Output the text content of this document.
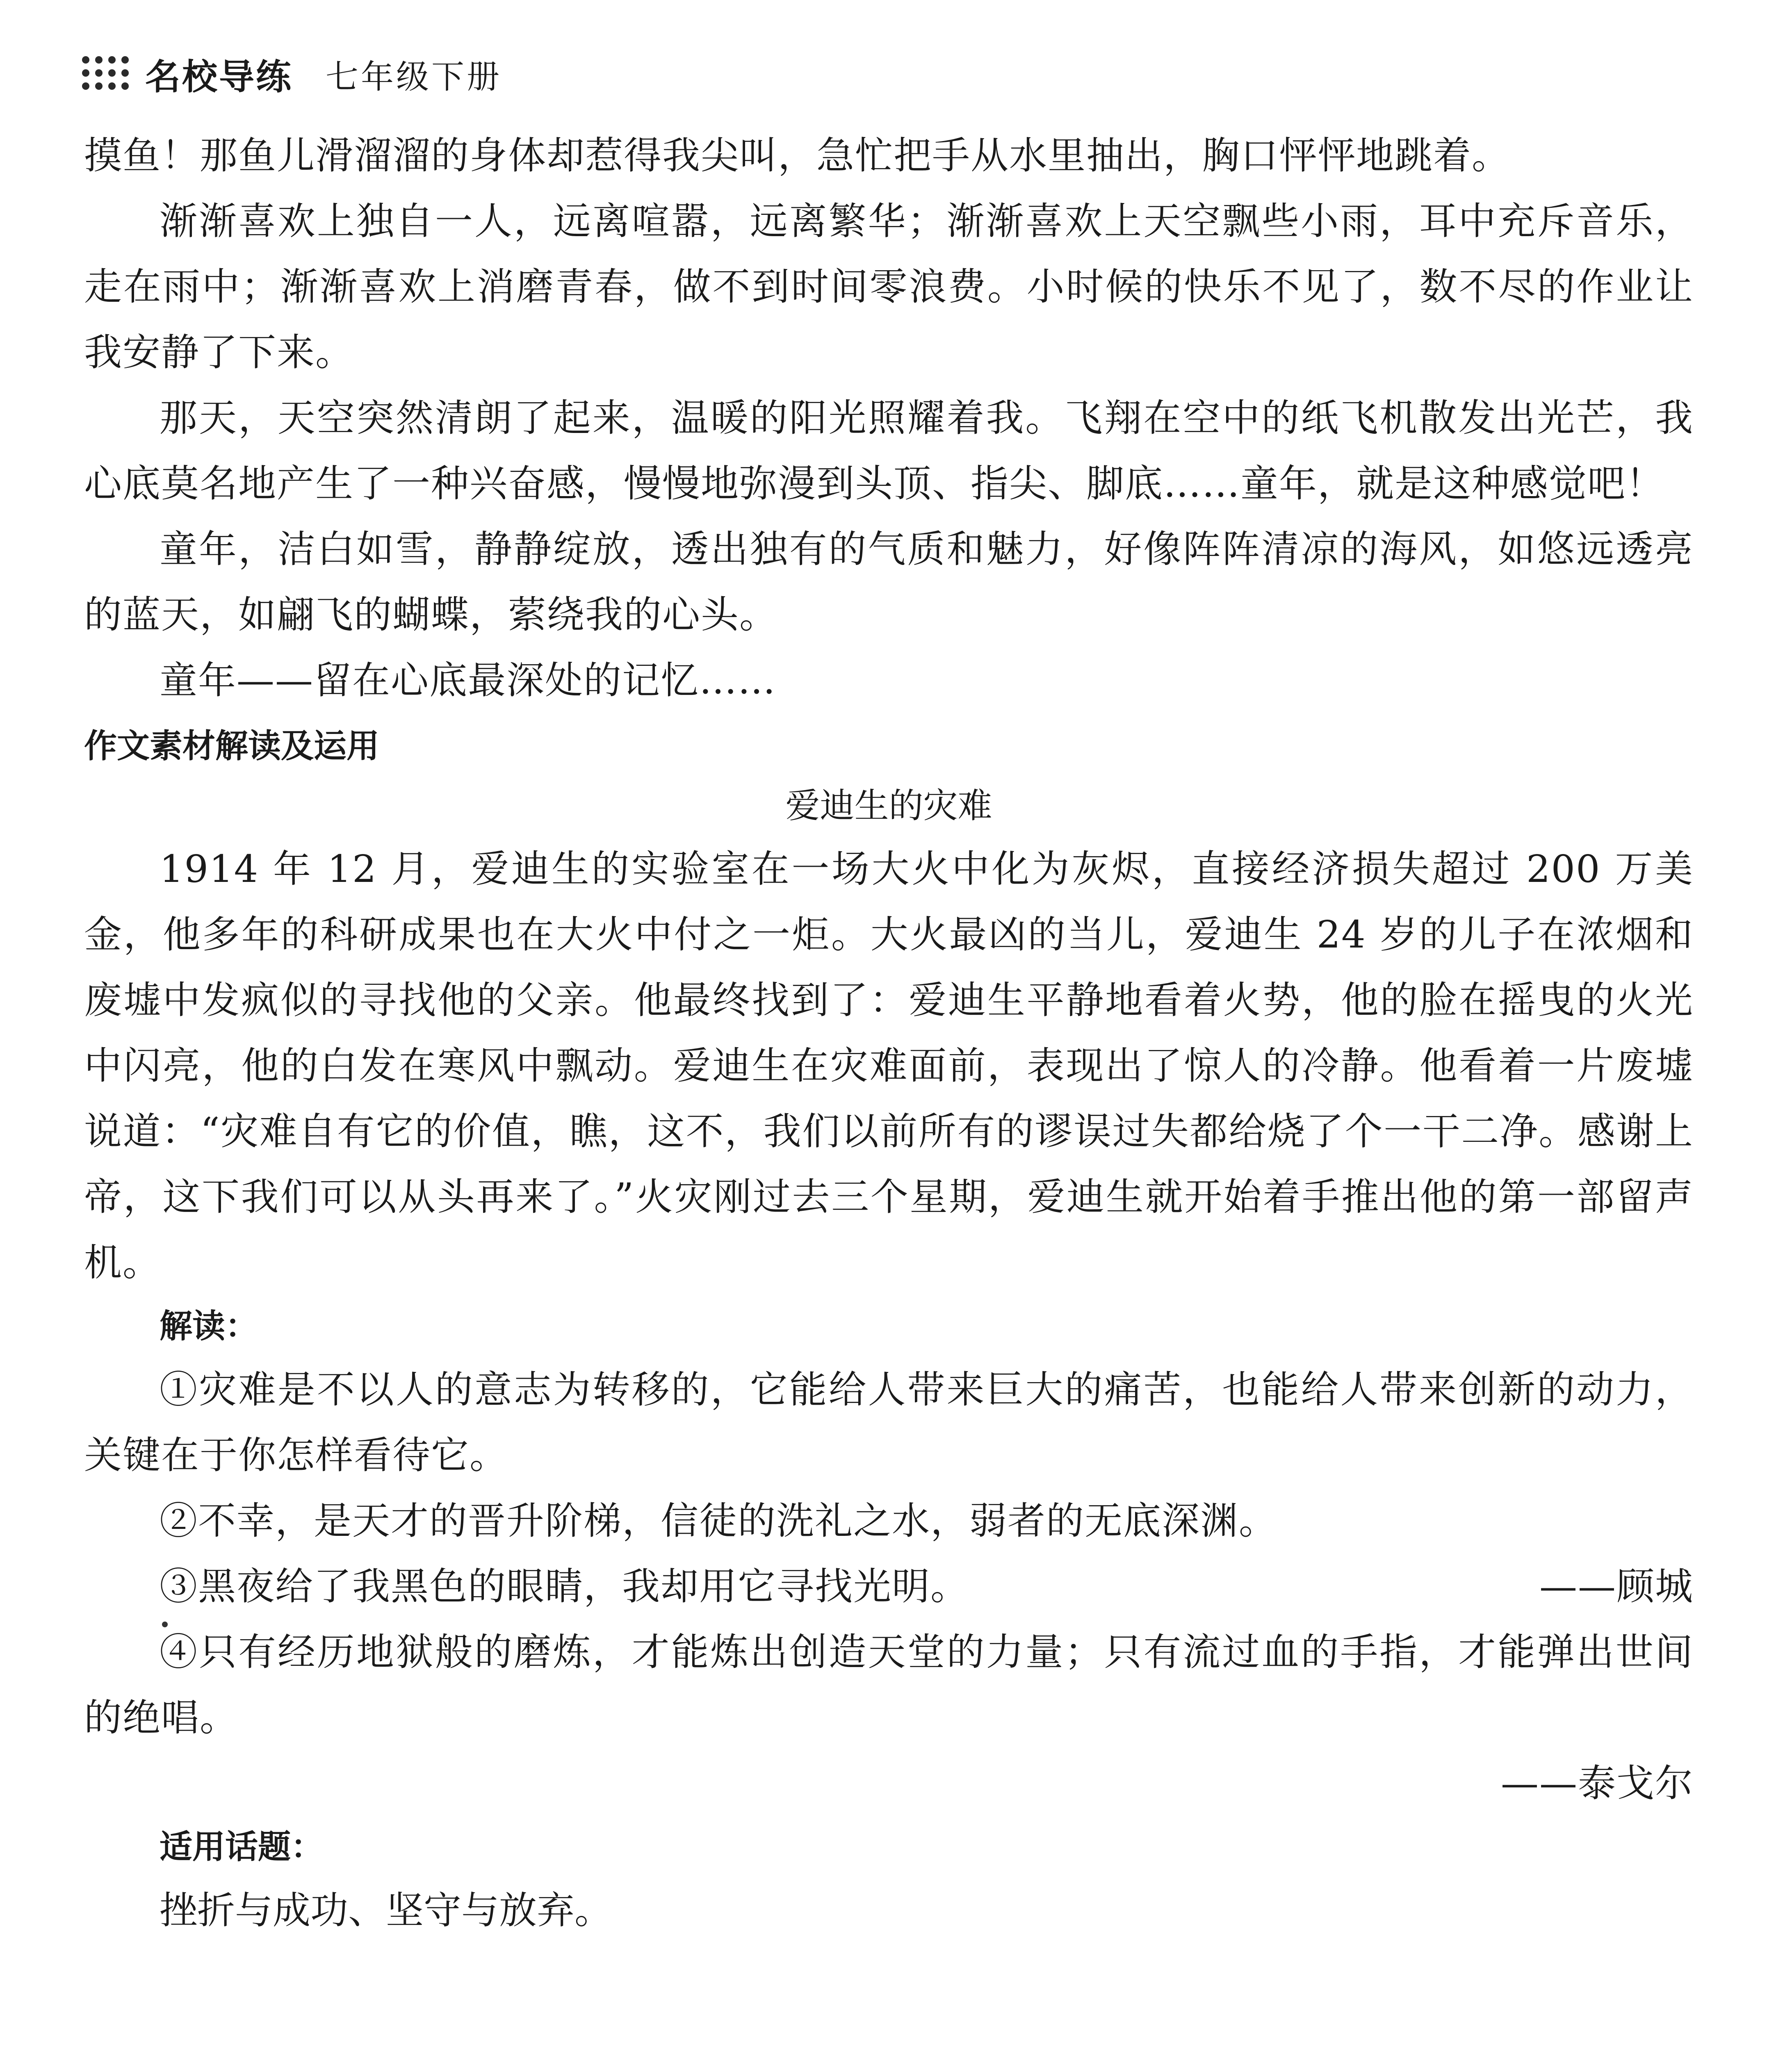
名校导练 七年级下册

摸鱼！那鱼儿滑溜溜的身体却惹得我尖叫，急忙把手从水里抽出，胸口怦怦地跳着。

渐渐喜欢上独自一人，远离喧嚣，远离繁华；渐渐喜欢上天空飘些小雨，耳中充斥音乐，走在雨中；渐渐喜欢上消磨青春，做不到时间零浪费。小时候的快乐不见了，数不尽的作业让我安静了下来。

那天，天空突然清朗了起来，温暖的阳光照耀着我。飞翔在空中的纸飞机散发出光芒，我心底莫名地产生了一种兴奋感，慢慢地弥漫到头顶、指尖、脚底……童年，就是这种感觉吧！

童年，洁白如雪，静静绽放，透出独有的气质和魅力，好像阵阵清凉的海风，如悠远透亮的蓝天，如翩飞的蝴蝶，萦绕我的心头。

童年——留在心底最深处的记忆……

作文素材解读及运用

爱迪生的灾难

1914 年 12 月，爱迪生的实验室在一场大火中化为灰烬，直接经济损失超过 200 万美金，他多年的科研成果也在大火中付之一炬。大火最凶的当儿，爱迪生 24 岁的儿子在浓烟和废墟中发疯似的寻找他的父亲。他最终找到了：爱迪生平静地看着火势，他的脸在摇曳的火光中闪亮，他的白发在寒风中飘动。爱迪生在灾难面前，表现出了惊人的冷静。他看着一片废墟说道：“灾难自有它的价值，瞧，这不，我们以前所有的谬误过失都给烧了个一干二净。感谢上帝，这下我们可以从头再来了。”火灾刚过去三个星期，爱迪生就开始着手推出他的第一部留声机。

解读：

①灾难是不以人的意志为转移的，它能给人带来巨大的痛苦，也能给人带来创新的动力，关键在于你怎样看待它。

②不幸，是天才的晋升阶梯，信徒的洗礼之水，弱者的无底深渊。

③黑夜给了我黑色的眼睛，我却用它寻找光明。	——顾城

④只有经历地狱般的磨炼，才能炼出创造天堂的力量；只有流过血的手指，才能弹出世间的绝唱。
——泰戈尔

适用话题：

挫折与成功、坚守与放弃。
